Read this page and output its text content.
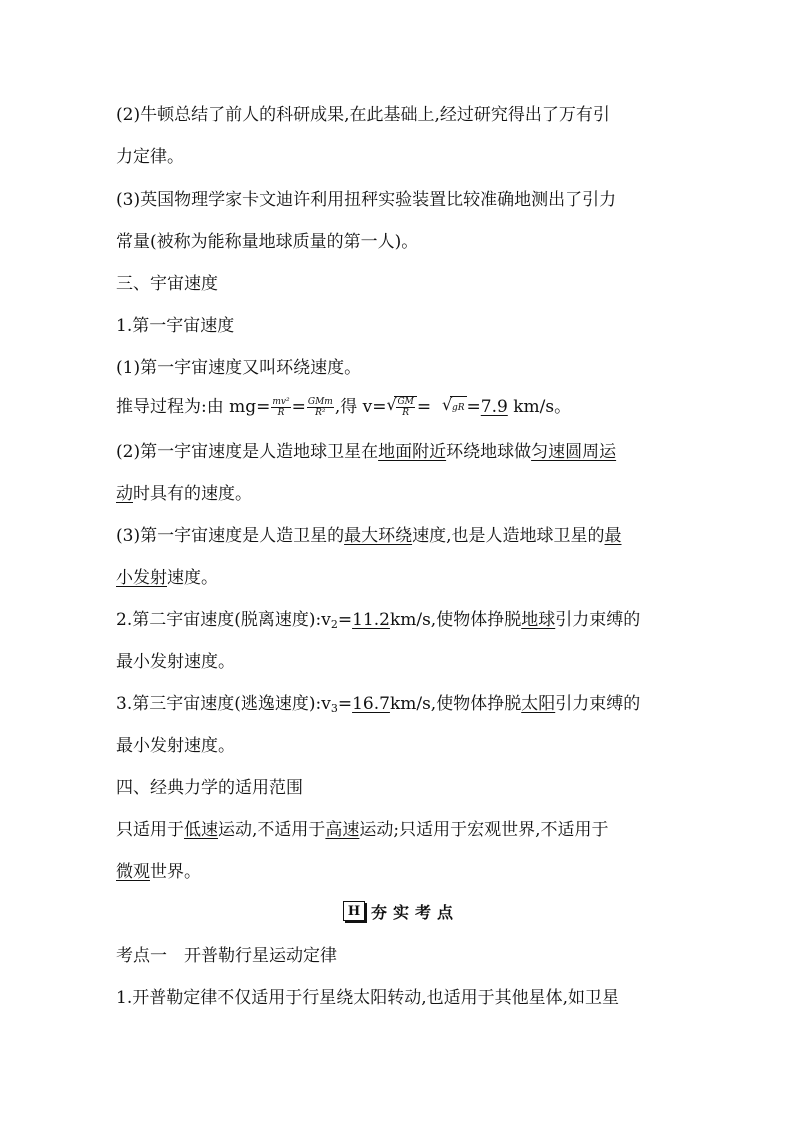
(2)牛顿总结了前人的科研成果,在此基础上,经过研究得出了万有引
力定律。
(3)英国物理学家卡文迪许利用扭秤实验装置比较准确地测出了引力
常量(被称为能称量地球质量的第一人)。
三、宇宙速度
1.第一宇宙速度
(1)第一宇宙速度又叫环绕速度。
推导过程为:由 $mg= \frac{\text{mv²}}{R} = \frac{\text{GMm}}{\text{R²}}$ ,得 v= √
$\frac{GM}{R}$ = √ gR =7.9 km/s。
(2)第一宇宙速度是人造地球卫星在地面附近环绕地球做匀速圆周运
动时具有的速度。
(3)第一宇宙速度是人造卫星的最大环绕速度,也是人造地球卫星的最
小发射速度。
2.第二宇宙速度(脱离速度):v2=11.2km/s,使物体挣脱地球引力束缚的
最小发射速度。
3.第三宇宙速度(逃逸速度):v3=16.7km/s,使物体挣脱太阳引力束缚的
最小发射速度。
四、经典力学的适用范围
只适用于低速运动,不适用于高速运动;只适用于宏观世界,不适用于
微观世界。
H 夯实考点
考点一　开普勒行星运动定律
1.开普勒定律不仅适用于行星绕太阳转动,也适用于其他星体,如卫星
